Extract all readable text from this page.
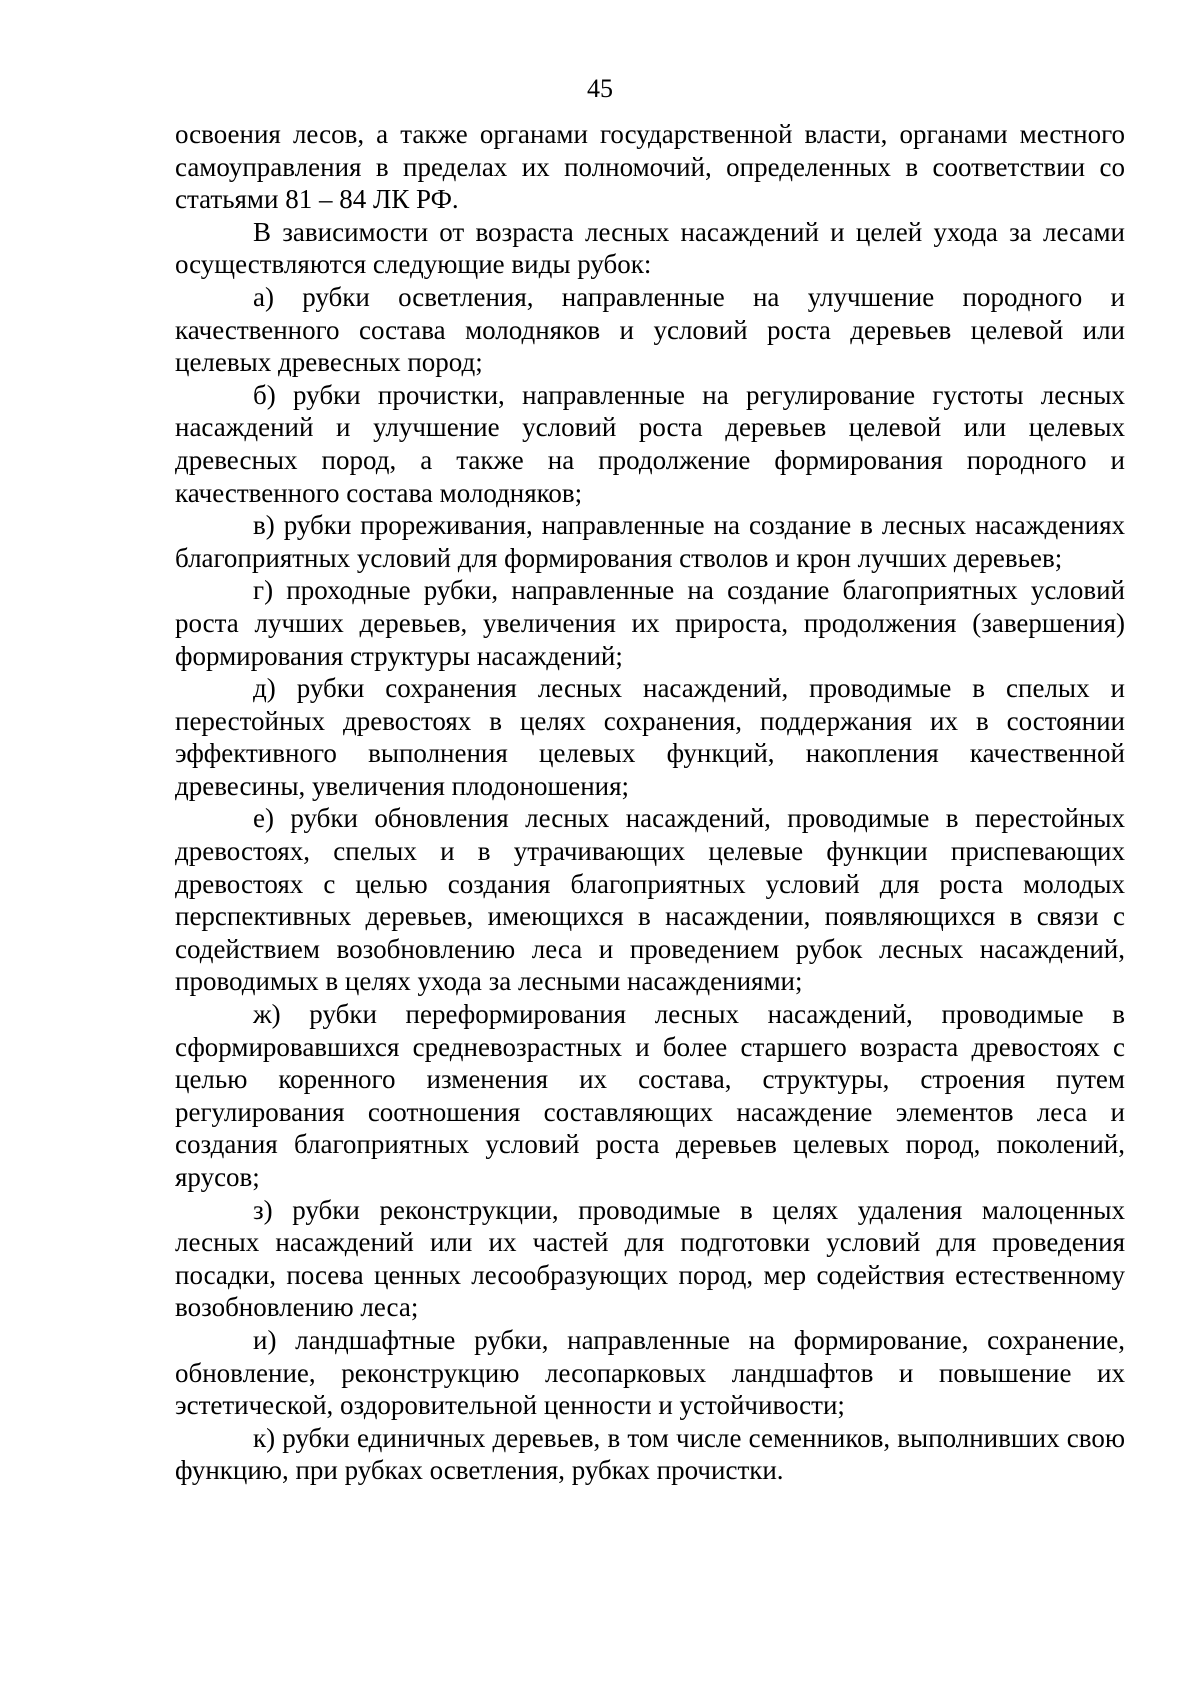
45

освоения лесов, а также органами государственной власти, органами местного самоуправления в пределах их полномочий, определенных в соответствии со статьями 81 – 84 ЛК РФ.

В зависимости от возраста лесных насаждений и целей ухода за лесами осуществляются следующие виды рубок:

а) рубки осветления, направленные на улучшение породного и качественного состава молодняков и условий роста деревьев целевой или целевых древесных пород;

б) рубки прочистки, направленные на регулирование густоты лесных насаждений и улучшение условий роста деревьев целевой или целевых древесных пород, а также на продолжение формирования породного и качественного состава молодняков;

в) рубки прореживания, направленные на создание в лесных насаждениях благоприятных условий для формирования стволов и крон лучших деревьев;

г) проходные рубки, направленные на создание благоприятных условий роста лучших деревьев, увеличения их прироста, продолжения (завершения) формирования структуры насаждений;

д) рубки сохранения лесных насаждений, проводимые в спелых и перестойных древостоях в целях сохранения, поддержания их в состоянии эффективного выполнения целевых функций, накопления качественной древесины, увеличения плодоношения;

е) рубки обновления лесных насаждений, проводимые в перестойных древостоях, спелых и в утрачивающих целевые функции приспевающих древостоях с целью создания благоприятных условий для роста молодых перспективных деревьев, имеющихся в насаждении, появляющихся в связи с содействием возобновлению леса и проведением рубок лесных насаждений, проводимых в целях ухода за лесными насаждениями;

ж) рубки переформирования лесных насаждений, проводимые в сформировавшихся средневозрастных и более старшего возраста древостоях с целью коренного изменения их состава, структуры, строения путем регулирования соотношения составляющих насаждение элементов леса и создания благоприятных условий роста деревьев целевых пород, поколений, ярусов;

з) рубки реконструкции, проводимые в целях удаления малоценных лесных насаждений или их частей для подготовки условий для проведения посадки, посева ценных лесообразующих пород, мер содействия естественному возобновлению леса;

и) ландшафтные рубки, направленные на формирование, сохранение, обновление, реконструкцию лесопарковых ландшафтов и повышение их эстетической, оздоровительной ценности и устойчивости;

к) рубки единичных деревьев, в том числе семенников, выполнивших свою функцию, при рубках осветления, рубках прочистки.
